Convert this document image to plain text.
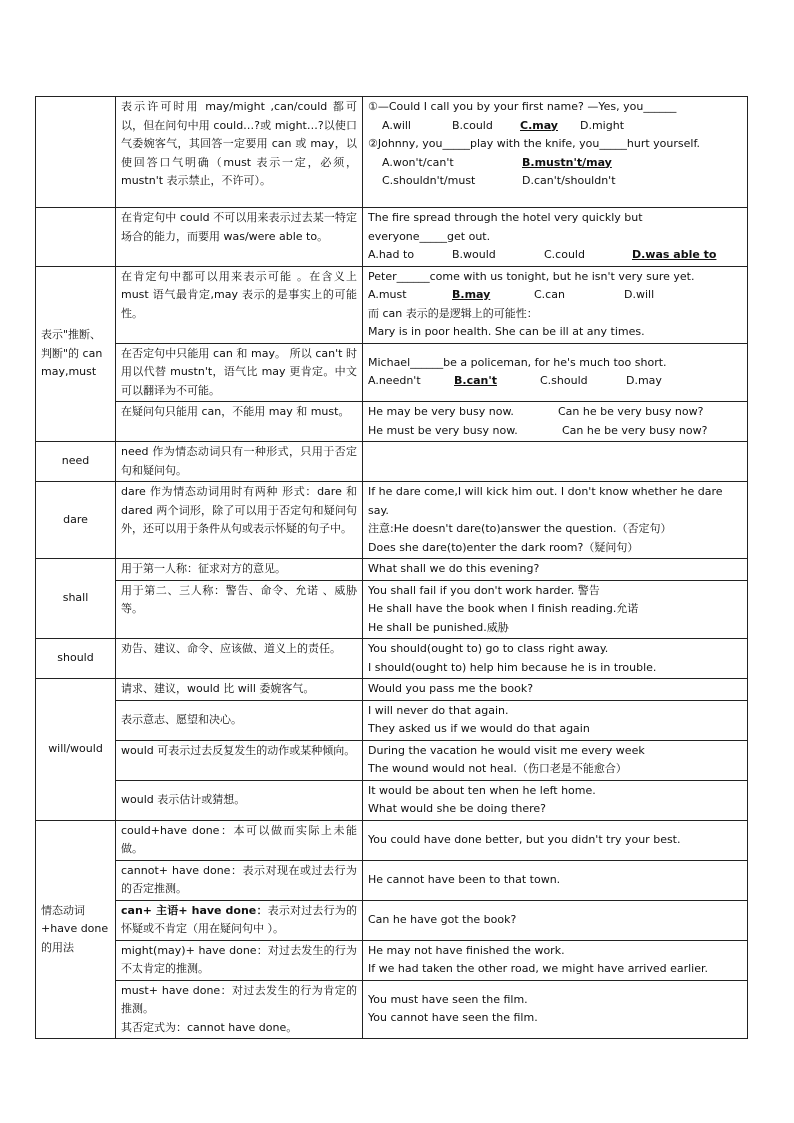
	表示许可时用 may/might ,can/could 都可以，但在问句中用 could…?或 might…?以使口气委婉客气，其回答一定要用 can 或 may，以使回答口气明确（must 表示一定，必须，mustn't 表示禁止，不许可）。	①—Could I call you by your first name? —Yes, you______
A.will B.could C.may D.might
②Johnny, you_____play with the knife, you_____hurt yourself.
A.won't/can't B.mustn't/may
C.shouldn't/must D.can't/shouldn't

	在肯定句中 could 不可以用来表示过去某一特定场合的能力，而要用 was/were able to。	The fire spread through the hotel very quickly but everyone_____get out.
A.had to B.would C.could D.was able to

表示"推断、判断"的 can may,must	在肯定句中都可以用来表示可能 。在含义上 must 语气最肯定,may 表示的是事实上的可能性。	Peter______come with us tonight, but he isn't very sure yet.
A.must B.may C.can D.will
而 can 表示的是逻辑上的可能性：
Mary is in poor health. She can be ill at any times.

	在否定句中只能用 can 和 may。 所以 can't 时用以代替 mustn't，语气比 may 更肯定。中文可以翻译为不可能。	Michael______be a policeman, for he's much too short.
A.needn't B.can't C.should D.may

	在疑问句只能用 can，不能用 may 和 must。	He may be very busy now. Can he be very busy now?
He must be very busy now. Can he be very busy now?

need	need 作为情态动词只有一种形式，只用于否定句和疑问句。	
dare	dare 作为情态动词用时有两种 形式：dare 和 dared 两个词形，除了可以用于否定句和疑问句外，还可以用于条件从句或表示怀疑的句子中。	If he dare come,I will kick him out. I don't know whether he dare say.
注意:He doesn't dare(to)answer the question.（否定句）
Does she dare(to)enter the dark room?（疑问句）

shall	用于第一人称：征求对方的意见。	What shall we do this evening?
	用于第二、三人称：警告、命令、允诺 、威胁等。	You shall fail if you don't work harder. 警告
He shall have the book when I finish reading.允诺
He shall be punished.威胁

should	劝告、建议、命令、应该做、道义上的责任。	You should(ought to) go to class right away.
I should(ought to) help him because he is in trouble.

will/would	请求、建议，would 比 will 委婉客气。	Would you pass me the book?
	表示意志、愿望和决心。	I will never do that again.
They asked us if we would do that again

	would 可表示过去反复发生的动作或某种倾向。	During the vacation he would visit me every week
The wound would not heal.（伤口老是不能愈合）

	would 表示估计或猜想。	It would be about ten when he left home.
What would she be doing there?

情态动词+have done 的用法	could+have done：本可以做而实际上未能做。	You could have done better, but you didn't try your best.
	cannot+ have done：表示对现在或过去行为的否定推测。	He cannot have been to that town.
	can+ 主语+ have done：表示对过去行为的怀疑或不肯定（用在疑问句中 ）。	Can he have got the book?
	might(may)+ have done：对过去发生的行为不太肯定的推测。	He may not have finished the work.
If we had taken the other road, we might have arrived earlier.

	must+ have done：对过去发生的行为肯定的推测。
其否定式为：cannot have done。	You must have seen the film.
You cannot have seen the film.
